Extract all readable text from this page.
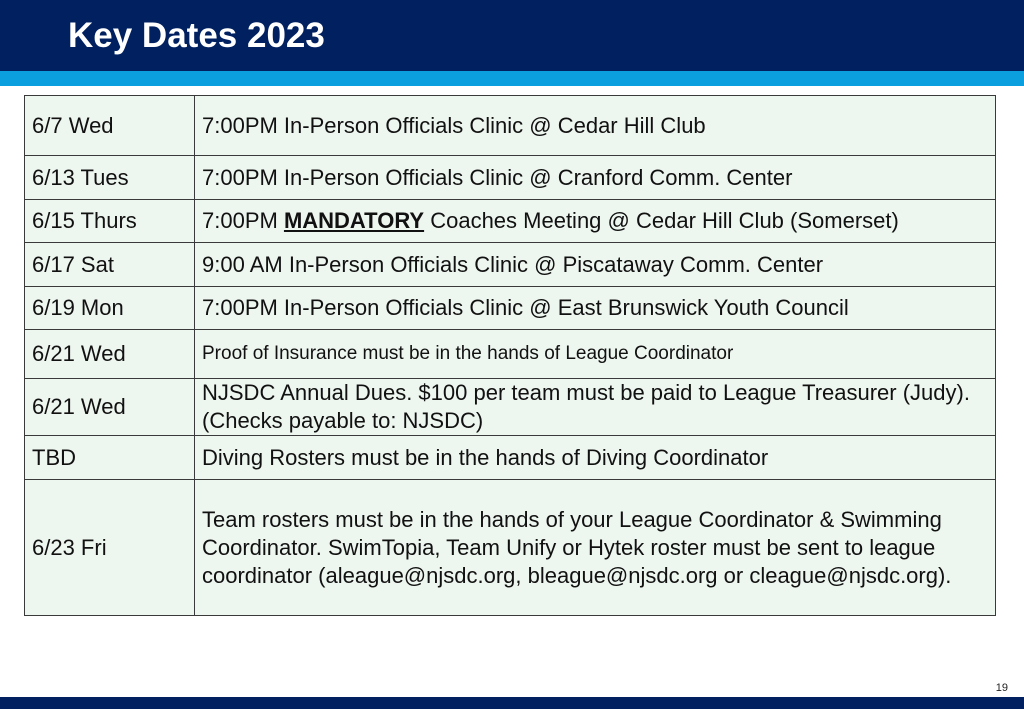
Key Dates 2023
6/7 Wed	7:00PM In-Person Officials Clinic @ Cedar Hill Club
6/13 Tues	7:00PM In-Person Officials Clinic @ Cranford Comm. Center
6/15 Thurs	7:00PM MANDATORY Coaches Meeting @ Cedar Hill Club (Somerset)
6/17 Sat	9:00 AM In-Person Officials Clinic @ Piscataway Comm. Center
6/19 Mon	7:00PM In-Person Officials Clinic @ East Brunswick Youth Council
6/21 Wed	Proof of Insurance must be in the hands of League Coordinator
6/21 Wed	NJSDC Annual Dues. $100 per team must be paid to League Treasurer (Judy). (Checks payable to: NJSDC)
TBD	Diving Rosters must be in the hands of Diving Coordinator
6/23 Fri	Team rosters must be in the hands of your League Coordinator & Swimming Coordinator. SwimTopia, Team Unify or Hytek roster must be sent to league coordinator (aleague@njsdc.org, bleague@njsdc.org or cleague@njsdc.org).
19
